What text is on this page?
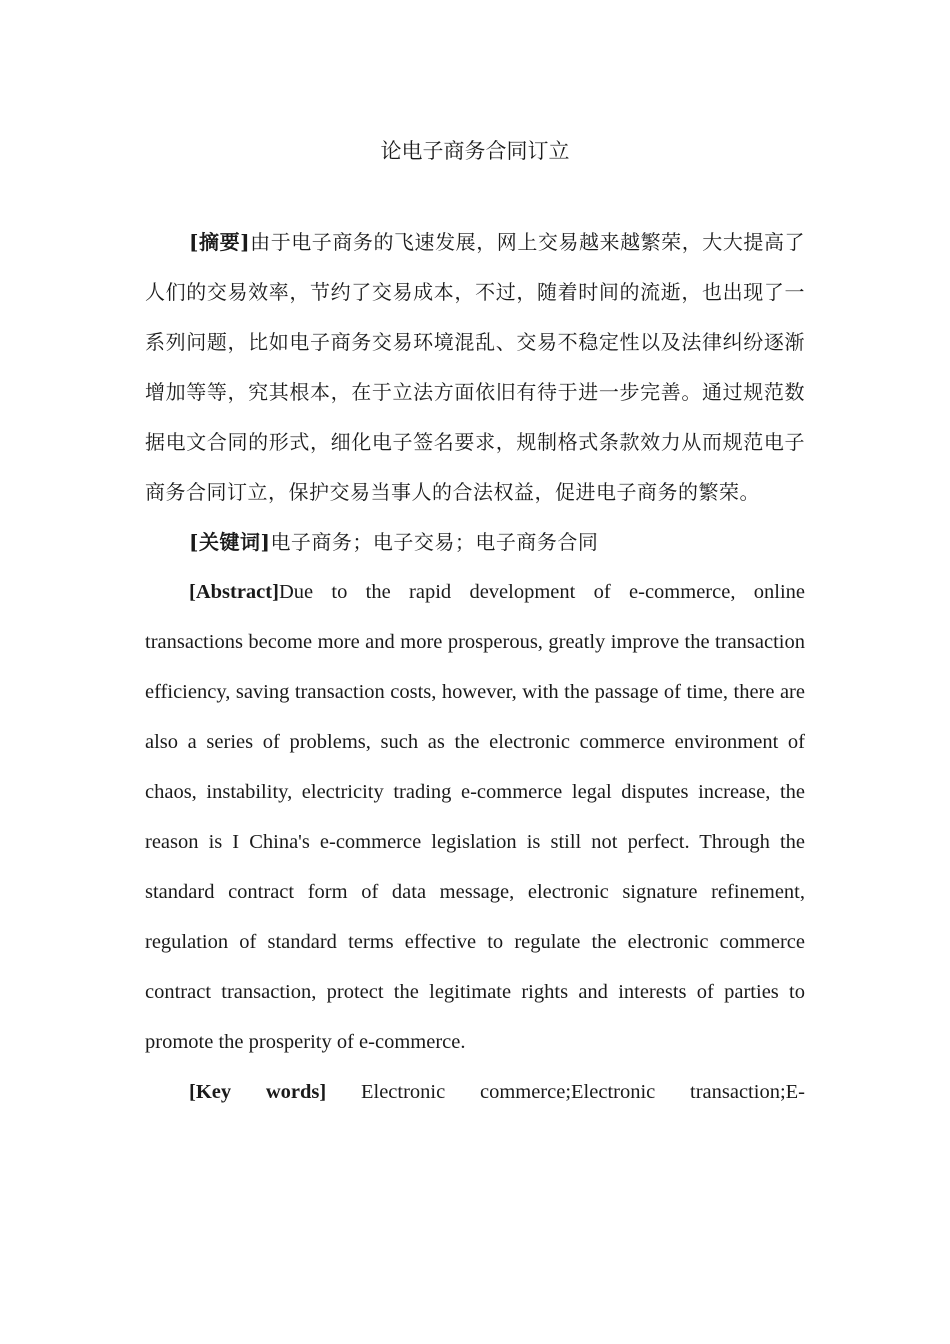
论电子商务合同订立

[摘要]由于电子商务的飞速发展，网上交易越来越繁荣，大大提高了人们的交易效率，节约了交易成本，不过，随着时间的流逝，也出现了一系列问题，比如电子商务交易环境混乱、交易不稳定性以及法律纠纷逐渐增加等等，究其根本，在于立法方面依旧有待于进一步完善。通过规范数据电文合同的形式，细化电子签名要求，规制格式条款效力从而规范电子商务合同订立，保护交易当事人的合法权益，促进电子商务的繁荣。

[关键词]电子商务；电子交易；电子商务合同

[Abstract]Due to the rapid development of e-commerce, online transactions become more and more prosperous, greatly improve the transaction efficiency, saving transaction costs, however, with the passage of time, there are also a series of problems, such as the electronic commerce environment of chaos, instability, electricity trading e-commerce legal disputes increase, the reason is I China's e-commerce legislation is still not perfect. Through the standard contract form of data message, electronic signature refinement, regulation of standard terms effective to regulate the electronic commerce contract transaction, protect the legitimate rights and interests of parties to promote the prosperity of e-commerce.

[Key words] Electronic commerce;Electronic transaction;E-
